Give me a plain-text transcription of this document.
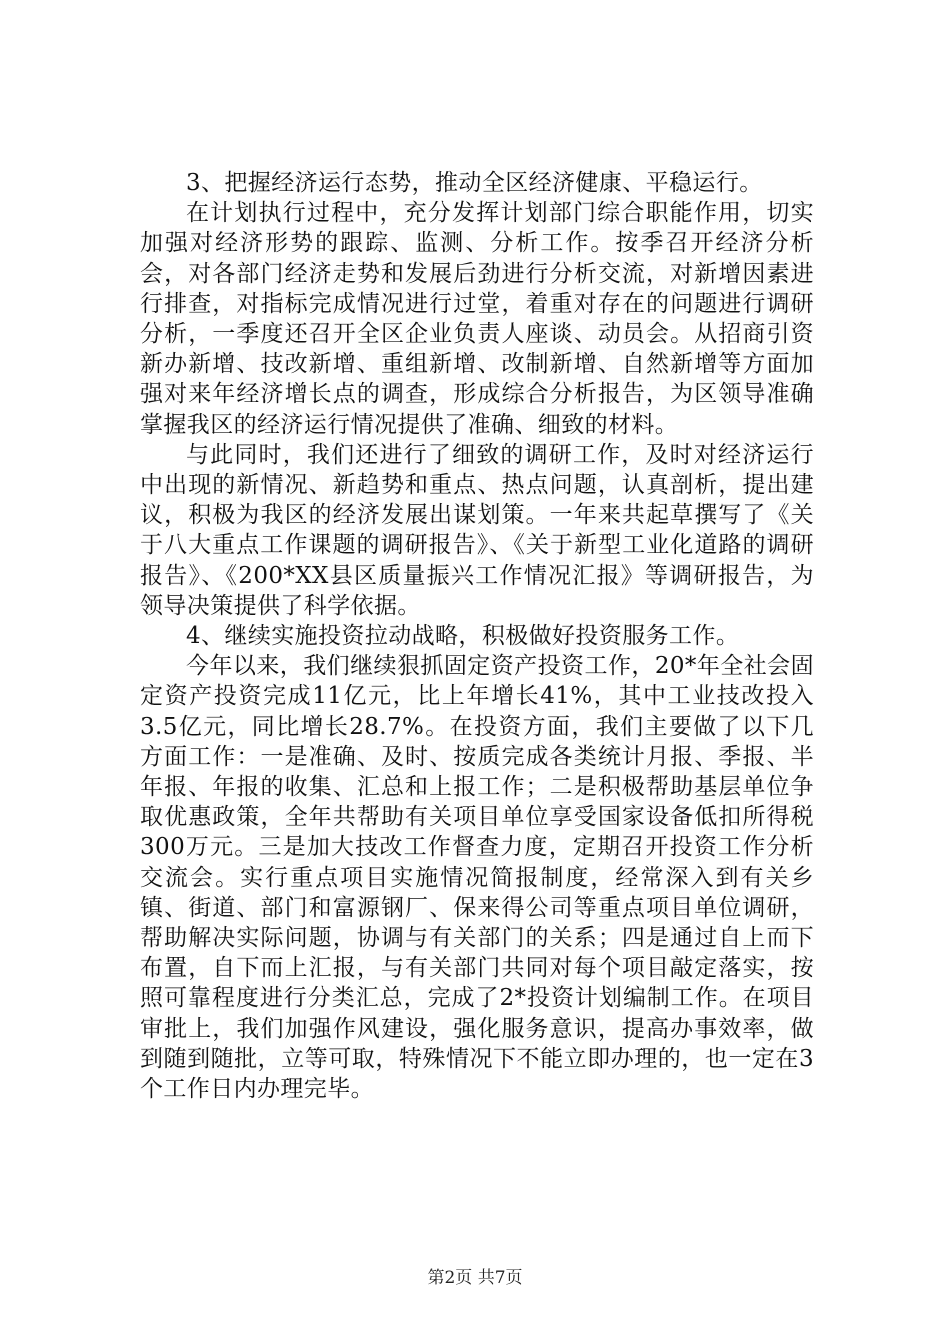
3、把握经济运行态势，推动全区经济健康、平稳运行。

在计划执行过程中，充分发挥计划部门综合职能作用，切实加强对经济形势的跟踪、监测、分析工作。按季召开经济分析会，对各部门经济走势和发展后劲进行分析交流，对新增因素进行排查，对指标完成情况进行过堂，着重对存在的问题进行调研分析，一季度还召开全区企业负责人座谈、动员会。从招商引资新办新增、技改新增、重组新增、改制新增、自然新增等方面加强对来年经济增长点的调查，形成综合分析报告，为区领导准确掌握我区的经济运行情况提供了准确、细致的材料。

与此同时，我们还进行了细致的调研工作，及时对经济运行中出现的新情况、新趋势和重点、热点问题，认真剖析，提出建议，积极为我区的经济发展出谋划策。一年来共起草撰写了《关于八大重点工作课题的调研报告》、《关于新型工业化道路的调研报告》、《200*XX县区质量振兴工作情况汇报》等调研报告，为领导决策提供了科学依据。

4、继续实施投资拉动战略，积极做好投资服务工作。

今年以来，我们继续狠抓固定资产投资工作，20*年全社会固定资产投资完成11亿元，比上年增长41%，其中工业技改投入3.5亿元，同比增长28.7%。在投资方面，我们主要做了以下几方面工作：一是准确、及时、按质完成各类统计月报、季报、半年报、年报的收集、汇总和上报工作；二是积极帮助基层单位争取优惠政策，全年共帮助有关项目单位享受国家设备低扣所得税300万元。三是加大技改工作督查力度，定期召开投资工作分析交流会。实行重点项目实施情况简报制度，经常深入到有关乡镇、街道、部门和富源钢厂、保来得公司等重点项目单位调研，帮助解决实际问题，协调与有关部门的关系；四是通过自上而下布置，自下而上汇报，与有关部门共同对每个项目敲定落实，按照可靠程度进行分类汇总，完成了2*投资计划编制工作。在项目审批上，我们加强作风建设，强化服务意识，提高办事效率，做到随到随批，立等可取，特殊情况下不能立即办理的，也一定在3个工作日内办理完毕。

第2页 共7页
